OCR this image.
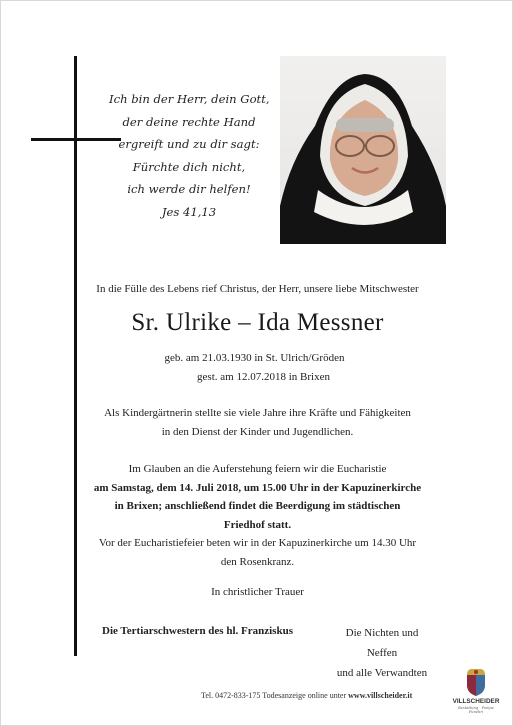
Ich bin der Herr, dein Gott,
der deine rechte Hand
ergreift und zu dir sagt:
Fürchte dich nicht,
ich werde dir helfen!
Jes 41,13
In die Fülle des Lebens rief Christus, der Herr, unsere liebe Mitschwester
Sr. Ulrike – Ida Messner
geb. am 21.03.1930 in St. Ulrich/Gröden
gest. am 12.07.2018 in Brixen
Als Kindergärtnerin stellte sie viele Jahre ihre Kräfte und Fähigkeiten
in den Dienst der Kinder und Jugendlichen.
Im Glauben an die Auferstehung feiern wir die Eucharistie
am Samstag, dem 14. Juli 2018, um 15.00 Uhr in der Kapuzinerkirche
in Brixen; anschließend findet die Beerdigung im städtischen
Friedhof statt.
Vor der Eucharistiefeier beten wir in der Kapuzinerkirche um 14.30 Uhr
den Rosenkranz.
In christlicher Trauer
Die Tertiarschwestern des hl. Franziskus	Die Nichten und Neffen
und alle Verwandten
Tel. 0472-833-175 Todesanzeige online unter www.villscheider.it
VILLSCHEIDER
Bestattung · Pompe Funebri
